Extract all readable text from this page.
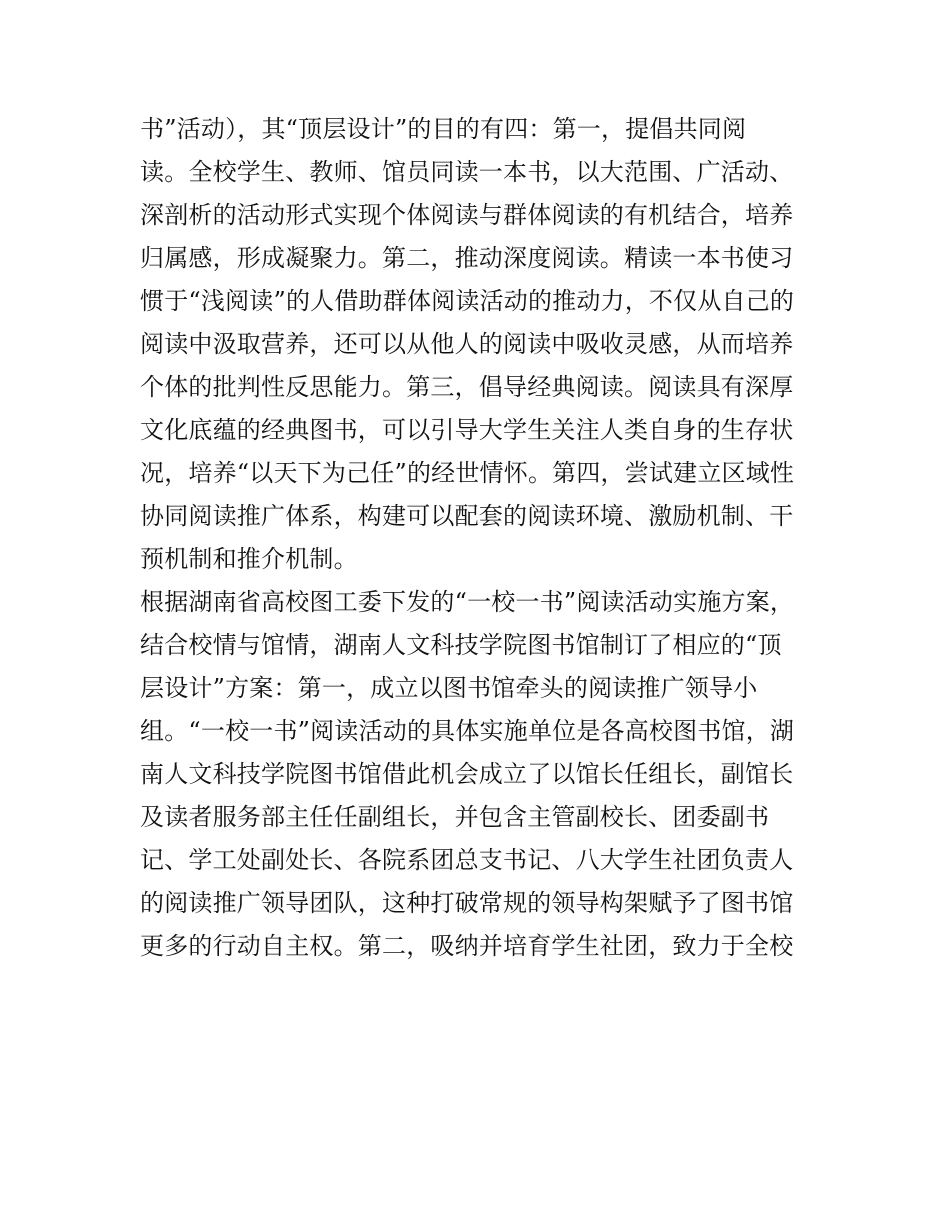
书”活动），其“顶层设计”的目的有四：第一，提倡共同阅
读。全校学生、教师、馆员同读一本书，以大范围、广活动、
深剖析的活动形式实现个体阅读与群体阅读的有机结合，培养
归属感，形成凝聚力。第二，推动深度阅读。精读一本书使习
惯于“浅阅读”的人借助群体阅读活动的推动力，不仅从自己的
阅读中汲取营养，还可以从他人的阅读中吸收灵感，从而培养
个体的批判性反思能力。第三，倡导经典阅读。阅读具有深厚
文化底蕴的经典图书，可以引导大学生关注人类自身的生存状
况，培养“以天下为己任”的经世情怀。第四，尝试建立区域性
协同阅读推广体系，构建可以配套的阅读环境、激励机制、干
预机制和推介机制。
根据湖南省高校图工委下发的“一校一书”阅读活动实施方案，
结合校情与馆情，湖南人文科技学院图书馆制订了相应的“顶
层设计”方案：第一，成立以图书馆牵头的阅读推广领导小
组。“一校一书”阅读活动的具体实施单位是各高校图书馆，湖
南人文科技学院图书馆借此机会成立了以馆长任组长，副馆长
及读者服务部主任任副组长，并包含主管副校长、团委副书
记、学工处副处长、各院系团总支书记、八大学生社团负责人
的阅读推广领导团队，这种打破常规的领导构架赋予了图书馆
更多的行动自主权。第二，吸纳并培育学生社团，致力于全校
